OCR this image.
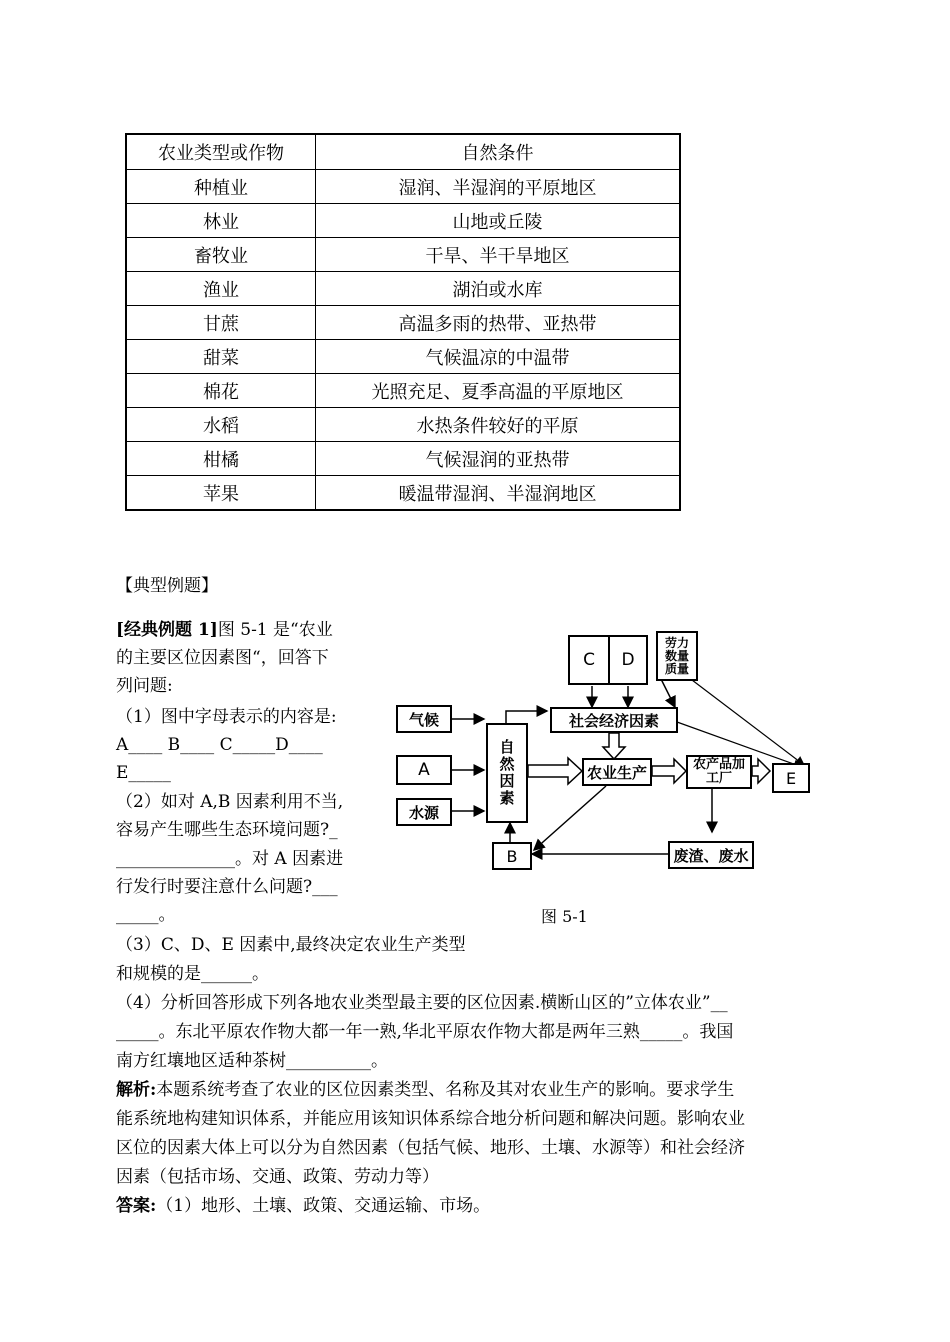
农业类型或作物	自然条件
种植业	湿润、半湿润的平原地区
林业	山地或丘陵
畜牧业	干旱、半干旱地区
渔业	湖泊或水库
甘蔗	高温多雨的热带、亚热带
甜菜	气候温凉的中温带
棉花	光照充足、夏季高温的平原地区
水稻	水热条件较好的平原
柑橘	气候湿润的亚热带
苹果	暖温带湿润、半湿润地区
【典型例题】
[经典例题 1]图 5-1 是“农业
的主要区位因素图“，回答下
列问题:
（1）图中字母表示的内容是:
A____ B____ C_____D____
E_____
（2）如对 A,B 因素利用不当,
容易产生哪些生态环境问题?_
______________。对 A 因素进
行发行时要注意什么问题?___
_____。
C	D
劳力数量质量
社会经济因素
气候
A
水源
自然因素	农业生产	农产品加工厂	E
B	废渣、废水
图 5-1
（3）C、D、E 因素中,最终决定农业生产类型
和规模的是______。
（4）分析回答形成下列各地农业类型最主要的区位因素.横断山区的”立体农业”__
_____。东北平原农作物大都一年一熟,华北平原农作物大都是两年三熟_____。我国
南方红壤地区适种茶树__________。
解析:本题系统考查了农业的区位因素类型、名称及其对农业生产的影响。要求学生
能系统地构建知识体系，并能应用该知识体系综合地分析问题和解决问题。影响农业
区位的因素大体上可以分为自然因素（包括气候、地形、土壤、水源等）和社会经济
因素（包括市场、交通、政策、劳动力等）
答案:（1）地形、土壤、政策、交通运输、市场。
